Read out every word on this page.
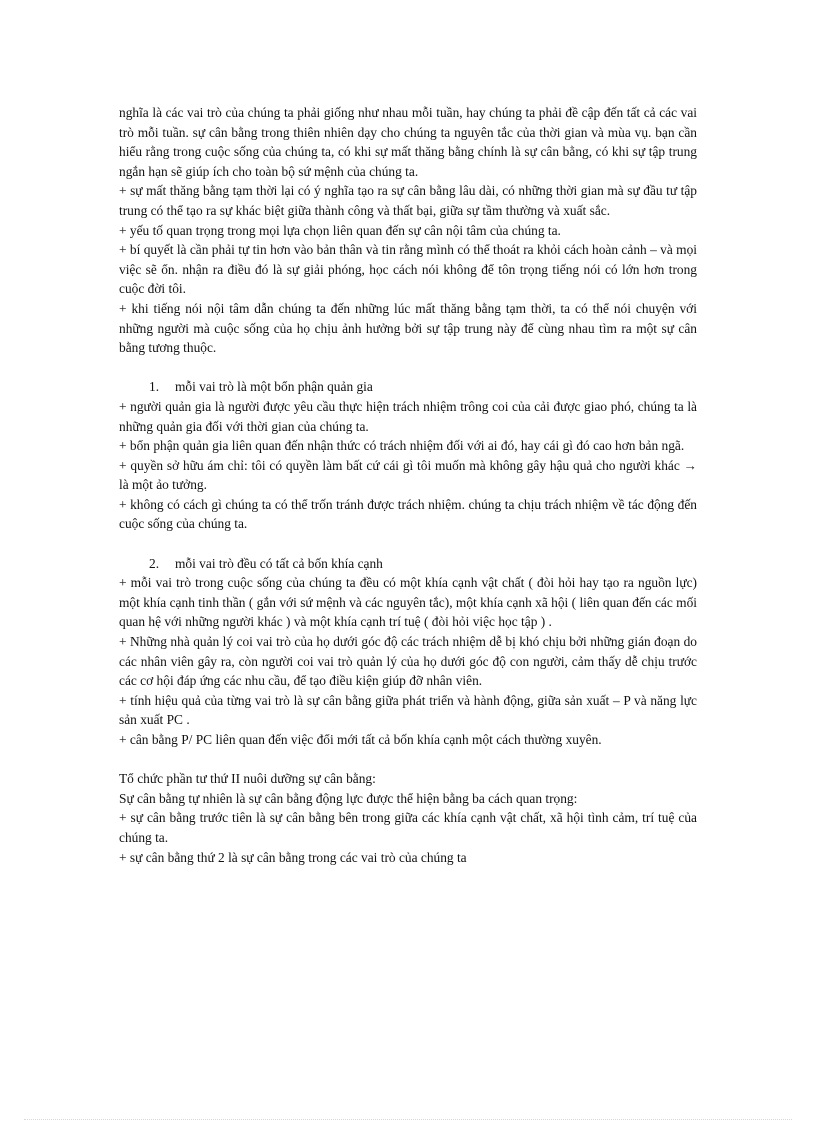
nghĩa là các vai trò của chúng ta phải giống như nhau mỗi tuần, hay chúng ta phải đề cập đến tất cả các vai trò mỗi tuần. sự cân bằng trong thiên nhiên dạy cho chúng ta nguyên tắc của thời gian và mùa vụ. bạn cần hiểu rằng trong cuộc sống của chúng ta, có khi sự mất thăng bằng chính là sự cân bằng, có khi sự tập trung ngắn hạn sẽ giúp ích cho toàn bộ sứ mệnh của chúng ta.

+ sự mất thăng bằng tạm thời lại có ý nghĩa tạo ra sự cân bằng lâu dài, có những thời gian mà sự đầu tư tập trung có thể tạo ra sự khác biệt giữa thành công và thất bại, giữa sự tầm thường và xuất sắc.

+ yếu tố quan trọng trong mọi lựa chọn liên quan đến sự cân nội tâm của chúng ta.

+ bí quyết là cần phải tự tin hơn vào bản thân và tin rằng mình có thể thoát ra khỏi cách hoàn cảnh – và mọi việc sẽ ổn. nhận ra điều đó là sự giải phóng, học cách nói không để tôn trọng tiếng nói có lớn hơn trong cuộc đời tôi.

+ khi tiếng nói nội tâm dẫn chúng ta đến những lúc mất thăng bằng tạm thời, ta có thể nói chuyện với những người mà cuộc sống của họ chịu ảnh hưởng bởi sự tập trung này để cùng nhau tìm ra một sự cân bằng tương thuộc.

1. mỗi vai trò là một bổn phận quản gia

+ người quản gia là người được yêu cầu thực hiện trách nhiệm trông coi của cải được giao phó, chúng ta là những quản gia đối với thời gian của chúng ta.

+ bổn phận quản gia liên quan đến nhận thức có trách nhiệm đối với ai đó, hay cái gì đó cao hơn bản ngã.

+ quyền sở hữu ám chỉ: tôi có quyền làm bất cứ cái gì tôi muốn mà không gây hậu quả cho người khác → là một ảo tưởng.

+ không có cách gì chúng ta có thể trốn tránh được trách nhiệm. chúng ta chịu trách nhiệm về tác động đến cuộc sống của chúng ta.

2. mỗi vai trò đều có tất cả bốn khía cạnh

+ mỗi vai trò trong cuộc sống của chúng ta đều có một khía cạnh vật chất ( đòi hỏi hay tạo ra nguồn lực) một khía cạnh tinh thần ( gắn với sứ mệnh và các nguyên tắc), một khía cạnh xã hội ( liên quan đến các mối quan hệ với những người khác ) và một khía cạnh trí tuệ ( đòi hỏi việc học tập ) .

+ Những nhà quản lý coi vai trò của họ dưới góc độ các trách nhiệm dễ bị khó chịu bởi những gián đoạn do các nhân viên gây ra, còn người coi vai trò quản lý của họ dưới góc độ con người, cảm thấy dễ chịu trước các cơ hội đáp ứng các nhu cầu, để tạo điều kiện giúp đỡ nhân viên.

+ tính hiệu quả của từng vai trò là sự cân bằng giữa phát triển và hành động, giữa sản xuất – P và năng lực sản xuất PC .

+ cân bằng P/ PC liên quan đến việc đổi mới tất cả bốn khía cạnh một cách thường xuyên.

Tổ chức phần tư thứ II nuôi dưỡng sự cân bằng:

Sự cân bằng tự nhiên là sự cân bằng động lực được thể hiện bằng ba cách quan trọng:

+ sự cân bằng trước tiên là sự cân bằng bên trong giữa các khía cạnh vật chất, xã hội tình cảm, trí tuệ của chúng ta.

+ sự cân bằng thứ 2 là sự cân bằng trong các vai trò của chúng ta
